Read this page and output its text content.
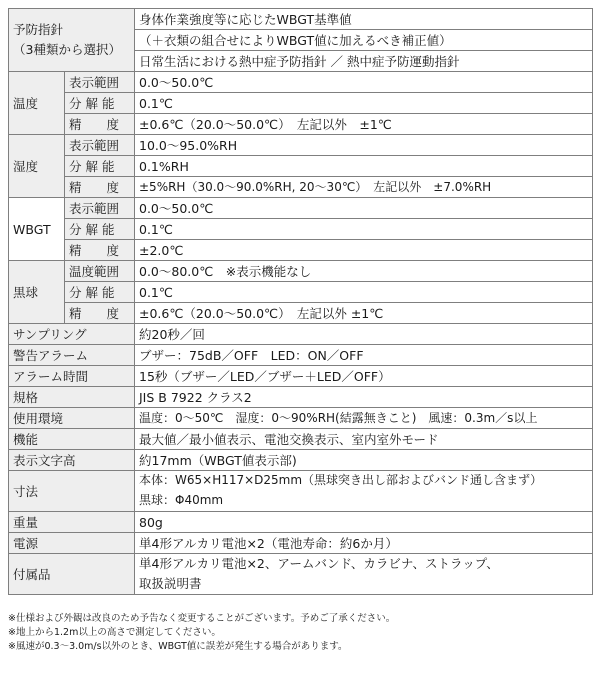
予防指針
（3種類から選択）		身体作業強度等に応じたWBGT基準値
		（＋衣類の組合せによりWBGT値に加えるべき補正値）
		日常生活における熱中症予防指針 ／ 熱中症予防運動指針
温度	表示範囲	0.0～50.0℃
	分 解 能	0.1℃
	精　　度	±0.6℃（20.0～50.0℃）　左記以外　±1℃
湿度	表示範囲	10.0～95.0%RH
	分 解 能	0.1%RH
	精　　度	±5%RH（30.0～90.0%RH, 20～30℃）　左記以外　±7.0%RH
WBGT	表示範囲	0.0～50.0℃
	分 解 能	0.1℃
	精　　度	±2.0℃
黒球	温度範囲	0.0～80.0℃　※表示機能なし
	分 解 能	0.1℃
	精　　度	±0.6℃（20.0～50.0℃）　左記以外 ±1℃
サンプリング		約20秒／回
警告アラーム		ブザー：75dB／OFF　LED：ON／OFF
アラーム時間		15秒（ブザー／LED／ブザー＋LED／OFF）
規格		JIS B 7922 クラス2
使用環境		温度：0～50℃　湿度：0～90%RH(結露無きこと)　風速：0.3m／s以上
機能		最大値／最小値表示、電池交換表示、室内室外モード
表示文字高		約17mm（WBGT値表示部)
寸法		本体：W65×H117×D25mm（黒球突き出し部およびバンド通し含まず）
黒球：Φ40mm

重量		80g
電源		単4形アルカリ電池×2（電池寿命：約6か月）
付属品		単4形アルカリ電池×2、アームバンド、カラビナ、ストラップ、
取扱説明書
※仕様および外観は改良のため予告なく変更することがございます。予めご了承ください。
※地上から1.2m以上の高さで測定してください。
※風速が0.3～3.0m/s以外のとき、WBGT値に誤差が発生する場合があります。
